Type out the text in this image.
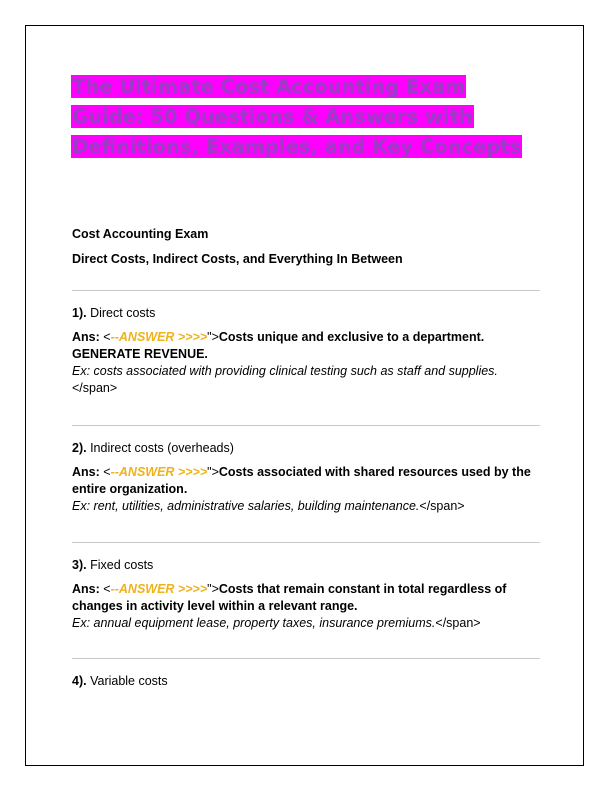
The Ultimate Cost Accounting Exam Guide: 50 Questions & Answers with Definitions, Examples, and Key Concepts
Cost Accounting Exam
Direct Costs, Indirect Costs, and Everything In Between

1). Direct costs

Ans: <--ANSWER >>>>">Costs unique and exclusive to a department. GENERATE REVENUE.

Ex: costs associated with providing clinical testing such as staff and supplies.</span>

2). Indirect costs (overheads)

Ans: <--ANSWER >>>>">Costs associated with shared resources used by the entire organization.

Ex: rent, utilities, administrative salaries, building maintenance.</span>

3). Fixed costs

Ans: <--ANSWER >>>>">Costs that remain constant in total regardless of changes in activity level within a relevant range.

Ex: annual equipment lease, property taxes, insurance premiums.</span>

4). Variable costs
